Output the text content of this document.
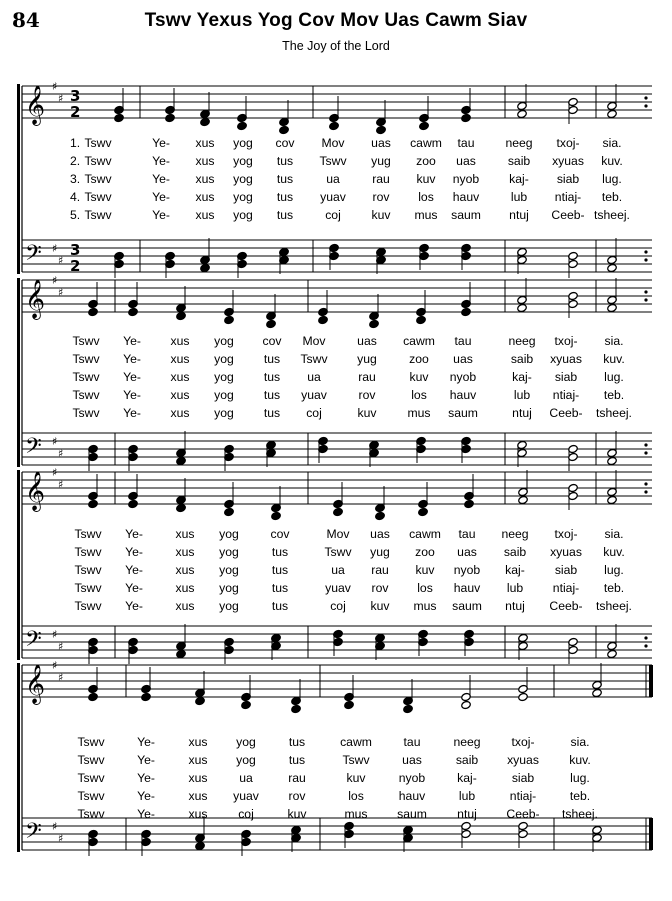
84	Tswv Yexus Yog Cov Mov Uas Cawm Siav
The Joy of the Lord
𝄞
𝄢
♯
♯
♯
♯
3
2
3
2
𝄞
𝄢
♯
♯
♯
♯
𝄞
𝄢
♯
♯
♯
♯
𝄞
𝄢
♯
♯
♯
♯
1. Tswv	Ye- xus yog cov Mov uas cawm tau	neeg txoj- sia.
2. Tswv	Ye- xus yog tus Tswv yug zoo uas	saib xyuas kuv.
3. Tswv	Ye- xus yog tus	ua	rau kuv nyob kaj- siab lug.
4. Tswv	Ye- xus yog tus yuav rov los hauv	lub ntiaj- teb.
5. Tswv	Ye- xus yog tus	coj	kuv mus saum ntuj Ceeb- tsheej.
Tswv Ye- xus yog cov Mov	uas cawm tau	neeg txoj- sia.
Tswv Ye- xus yog tus Tswv yug	zoo uas	saib xyuas kuv.
Tswv Ye- xus yog tus ua	rau	kuv nyob	kaj- siab lug.
Tswv Ye- xus yog tus yuav	rov	los hauv	lub ntiaj- teb.
Tswv Ye- xus yog tus coj	kuv	mus saum	ntuj Ceeb- tsheej.
Tswv Ye-	xus yog	cov	Mov uas cawm tau neeg txoj- sia.
Tswv Ye-	xus yog	tus	Tswv yug zoo uas saib xyuas kuv.
Tswv Ye-	xus yog	tus	ua rau kuv nyob kaj- siab lug.
Tswv Ye-	xus yog	tus	yuav rov los hauv lub ntiaj- teb.
Tswv Ye-	xus yog	tus	coj kuv mus saum ntuj Ceeb- tsheej.
Tswv	Ye-	xus yog	tus	cawm	tau	neeg	txoj-	sia.
Tswv	Ye-	xus yog	tus	Tswv	uas	saib xyuas kuv.
Tswv	Ye-	xus	ua	rau	kuv	nyob	kaj-	siab	lug.
Tswv	Ye-	xus yuav rov	los	hauv	lub	ntiaj-	teb.
Tswv	Ye-	xus	coj	kuv	mus saum ntuj Ceeb- tsheej.
